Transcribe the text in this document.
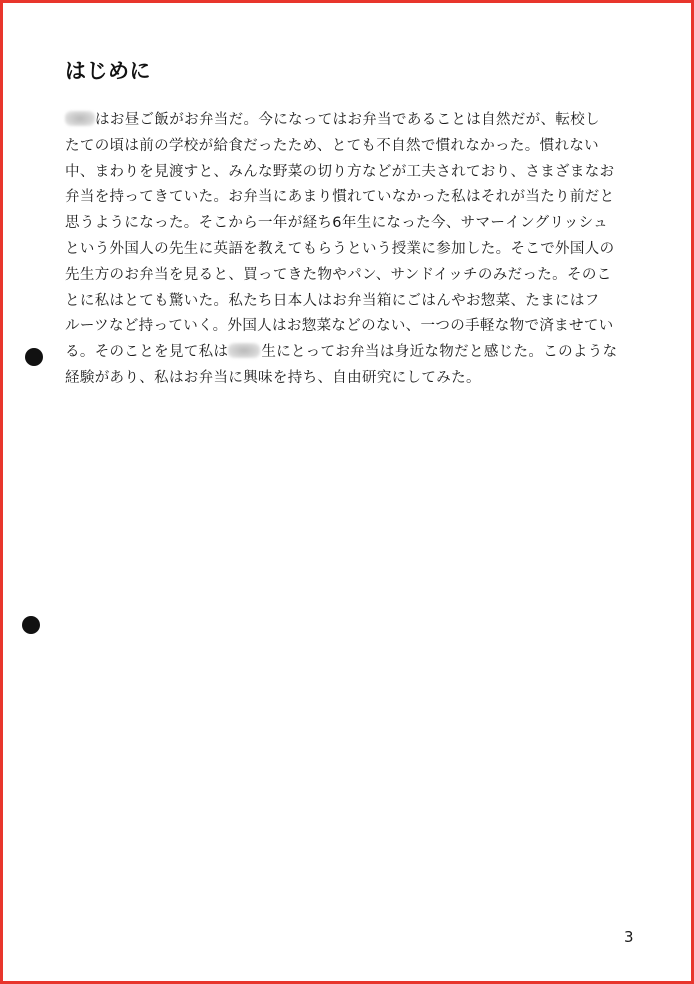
はじめに
はお昼ご飯がお弁当だ。今になってはお弁当であることは自然だが、転校し
たての頃は前の学校が給食だったため、とても不自然で慣れなかった。慣れない
中、まわりを見渡すと、みんな野菜の切り方などが工夫されており、さまざまなお
弁当を持ってきていた。お弁当にあまり慣れていなかった私はそれが当たり前だと
思うようになった。そこから一年が経ち6年生になった今、サマーイングリッシュ
という外国人の先生に英語を教えてもらうという授業に参加した。そこで外国人の
先生方のお弁当を見ると、買ってきた物やパン、サンドイッチのみだった。そのこ
とに私はとても驚いた。私たち日本人はお弁当箱にごはんやお惣菜、たまにはフ
ルーツなど持っていく。外国人はお惣菜などのない、一つの手軽な物で済ませてい
る。そのことを見て私は 生にとってお弁当は身近な物だと感じた。このような
経験があり、私はお弁当に興味を持ち、自由研究にしてみた。
3
